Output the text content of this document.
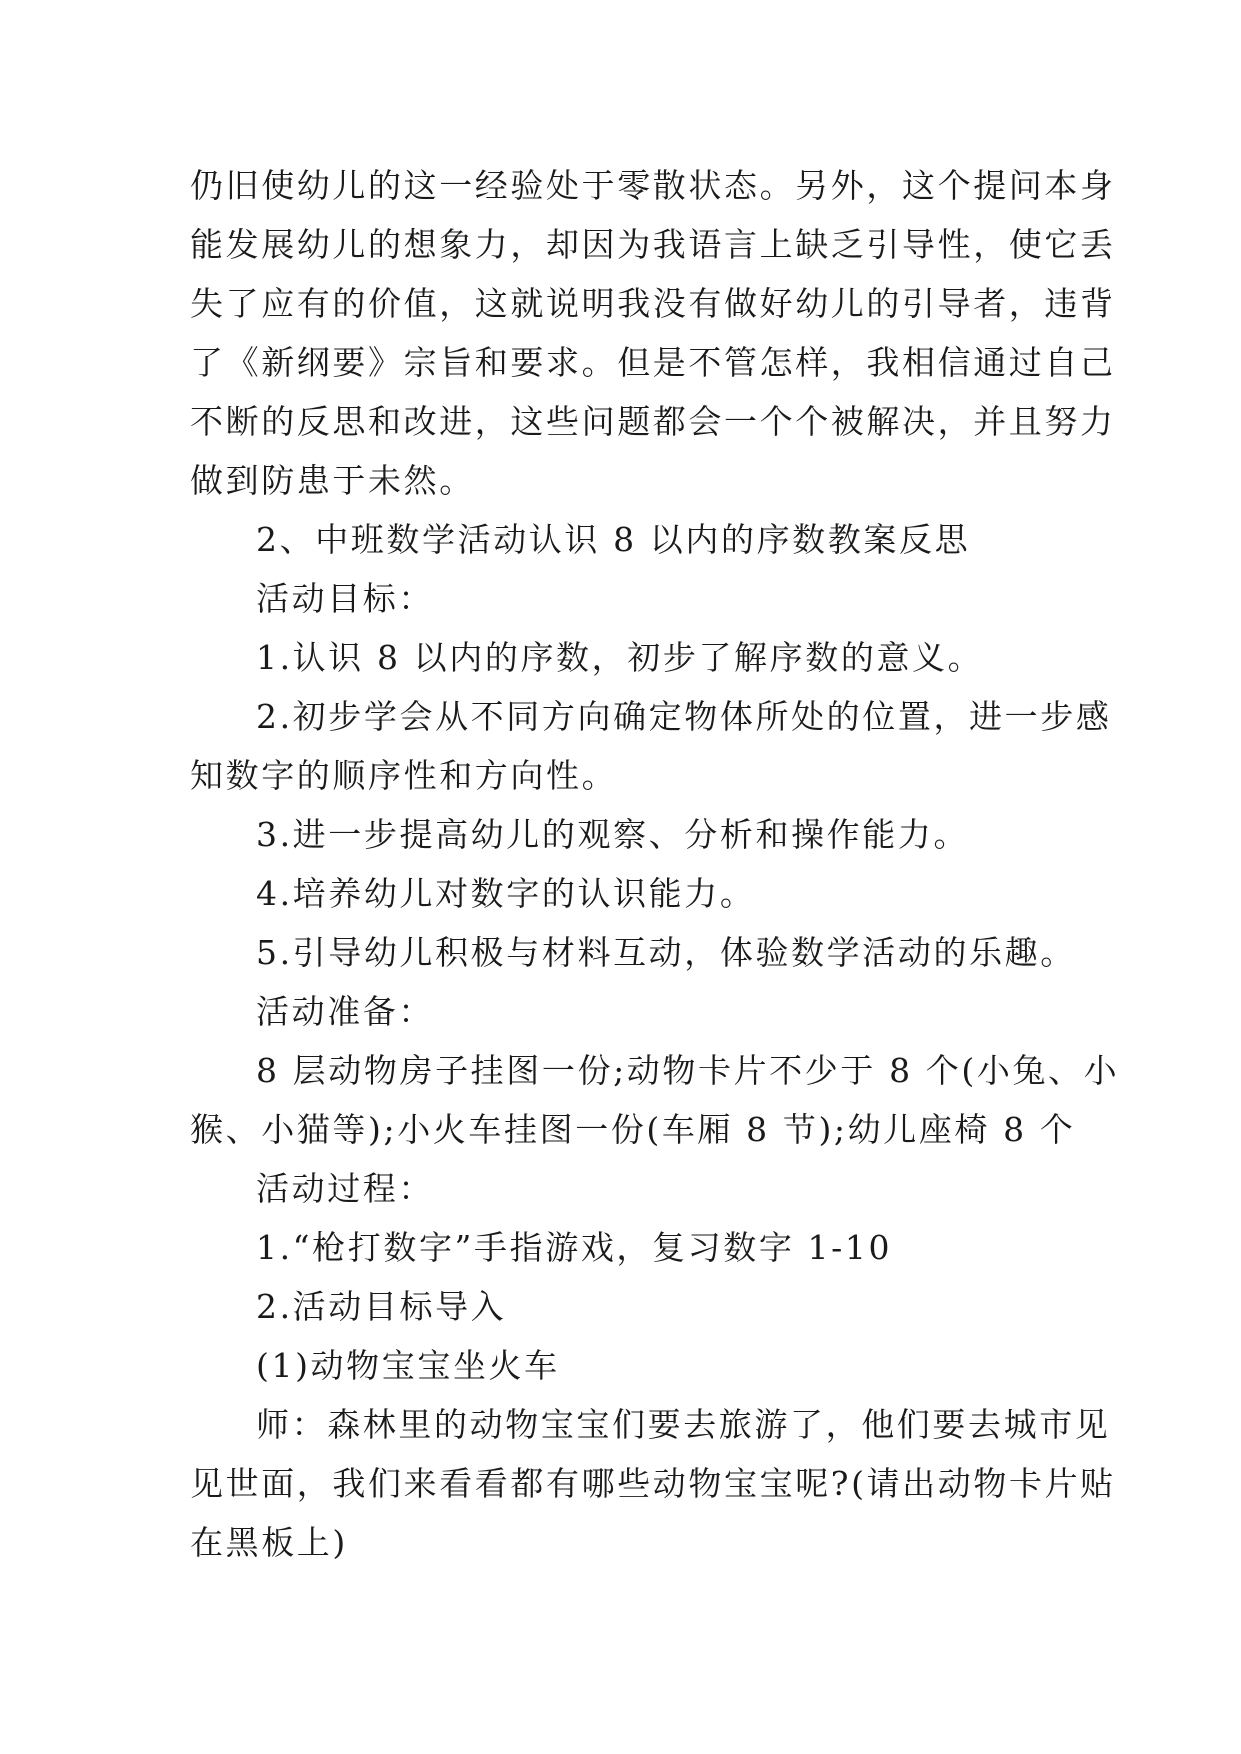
仍旧使幼儿的这一经验处于零散状态。另外，这个提问本身

能发展幼儿的想象力，却因为我语言上缺乏引导性，使它丢

失了应有的价值，这就说明我没有做好幼儿的引导者，违背

了《新纲要》宗旨和要求。但是不管怎样，我相信通过自己

不断的反思和改进，这些问题都会一个个被解决，并且努力

做到防患于未然。

2、中班数学活动认识 8 以内的序数教案反思

活动目标：

1.认识 8 以内的序数，初步了解序数的意义。

2.初步学会从不同方向确定物体所处的位置，进一步感

知数字的顺序性和方向性。

3.进一步提高幼儿的观察、分析和操作能力。

4.培养幼儿对数字的认识能力。

5.引导幼儿积极与材料互动，体验数学活动的乐趣。

活动准备：

8 层动物房子挂图一份;动物卡片不少于 8 个(小兔、小

猴、小猫等);小火车挂图一份(车厢 8 节);幼儿座椅 8 个

活动过程：

1.“枪打数字”手指游戏，复习数字 1-10

2.活动目标导入

(1)动物宝宝坐火车

师：森林里的动物宝宝们要去旅游了，他们要去城市见

见世面，我们来看看都有哪些动物宝宝呢?(请出动物卡片贴

在黑板上)
